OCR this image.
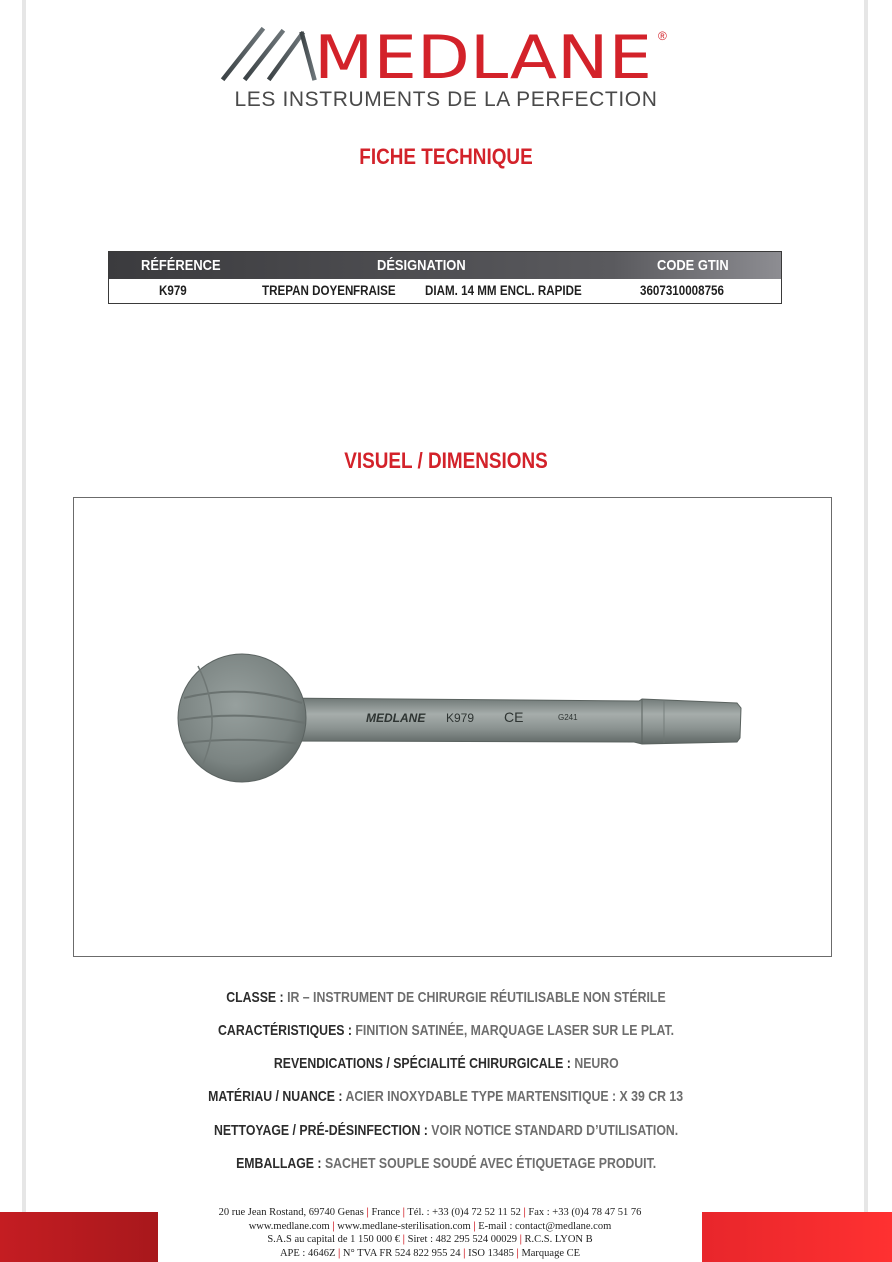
MEDLANE ®
LES INSTRUMENTS DE LA PERFECTION
FICHE TECHNIQUE
RÉFÉRENCE	DÉSIGNATION	CODE GTIN
K979	TREPAN DOYEN FRAISE DIAM. 14 MM ENCL. RAPIDE	3607310008756
VISUEL / DIMENSIONS
MEDLANE K979 CE	G241
CLASSE : IR – INSTRUMENT DE CHIRURGIE RÉUTILISABLE NON STÉRILE
CARACTÉRISTIQUES : FINITION SATINÉE, MARQUAGE LASER SUR LE PLAT.
REVENDICATIONS / SPÉCIALITÉ CHIRURGICALE : NEURO
MATÉRIAU / NUANCE : ACIER INOXYDABLE TYPE MARTENSITIQUE : X 39 CR 13
NETTOYAGE / PRÉ-DÉSINFECTION : VOIR NOTICE STANDARD D’UTILISATION.
EMBALLAGE : SACHET SOUPLE SOUDÉ AVEC ÉTIQUETAGE PRODUIT.
20 rue Jean Rostand, 69740 Genas | France | Tél. : +33 (0)4 72 52 11 52 | Fax : +33 (0)4 78 47 51 76
www.medlane.com | www.medlane-sterilisation.com | E-mail : contact@medlane.com
S.A.S au capital de 1 150 000 € | Siret : 482 295 524 00029 | R.C.S. LYON B
APE : 4646Z | N° TVA FR 524 822 955 24 | ISO 13485 | Marquage CE
